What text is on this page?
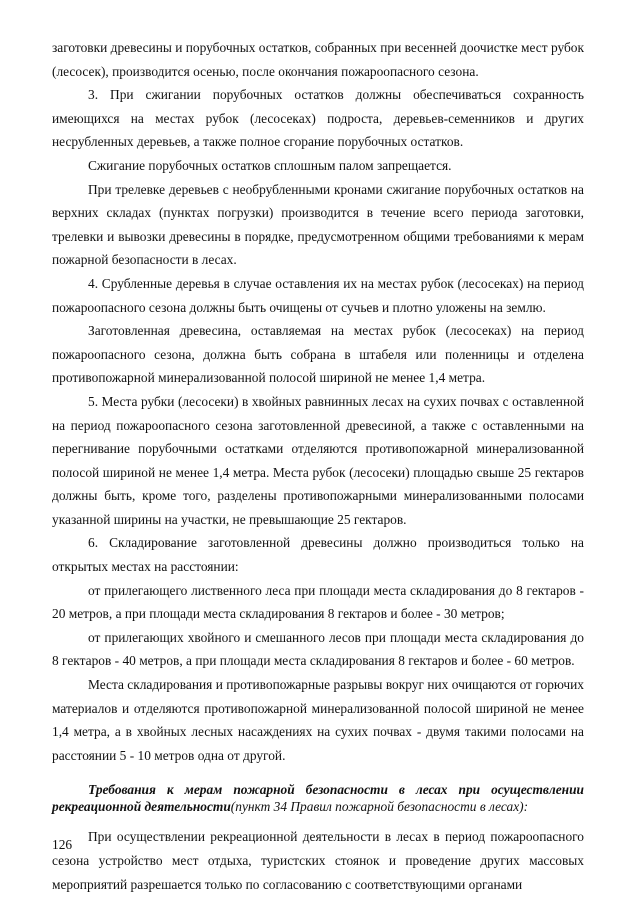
заготовки древесины и порубочных остатков, собранных при весенней доочистке мест рубок (лесосек), производится осенью, после окончания пожароопасного сезона.

3. При сжигании порубочных остатков должны обеспечиваться сохранность имеющихся на местах рубок (лесосеках) подроста, деревьев-семенников и других несрубленных деревьев, а также полное сгорание порубочных остатков.

Сжигание порубочных остатков сплошным палом запрещается.

При трелевке деревьев с необрубленными кронами сжигание порубочных остатков на верхних складах (пунктах погрузки) производится в течение всего периода заготовки, трелевки и вывозки древесины в порядке, предусмотренном общими требованиями к мерам пожарной безопасности в лесах.

4. Срубленные деревья в случае оставления их на местах рубок (лесосеках) на период пожароопасного сезона должны быть очищены от сучьев и плотно уложены на землю.

Заготовленная древесина, оставляемая на местах рубок (лесосеках) на период пожароопасного сезона, должна быть собрана в штабеля или поленницы и отделена противопожарной минерализованной полосой шириной не менее 1,4 метра.

5. Места рубки (лесосеки) в хвойных равнинных лесах на сухих почвах с оставленной на период пожароопасного сезона заготовленной древесиной, а также с оставленными на перегнивание порубочными остатками отделяются противопожарной минерализованной полосой шириной не менее 1,4 метра. Места рубок (лесосеки) площадью свыше 25 гектаров должны быть, кроме того, разделены противопожарными минерализованными полосами указанной ширины на участки, не превышающие 25 гектаров.

6. Складирование заготовленной древесины должно производиться только на открытых местах на расстоянии:

от прилегающего лиственного леса при площади места складирования до 8 гектаров - 20 метров, а при площади места складирования 8 гектаров и более - 30 метров;

от прилегающих хвойного и смешанного лесов при площади места складирования до 8 гектаров - 40 метров, а при площади места складирования 8 гектаров и более - 60 метров.

Места складирования и противопожарные разрывы вокруг них очищаются от горючих материалов и отделяются противопожарной минерализованной полосой шириной не менее 1,4 метра, а в хвойных лесных насаждениях на сухих почвах - двумя такими полосами на расстоянии 5 - 10 метров одна от другой.

Требования к мерам пожарной безопасности в лесах при осуществлении рекреационной деятельности(пункт 34 Правил пожарной безопасности в лесах):

При осуществлении рекреационной деятельности в лесах в период пожароопасного сезона устройство мест отдыха, туристских стоянок и проведение других массовых мероприятий разрешается только по согласованию с соответствующими органами

126
